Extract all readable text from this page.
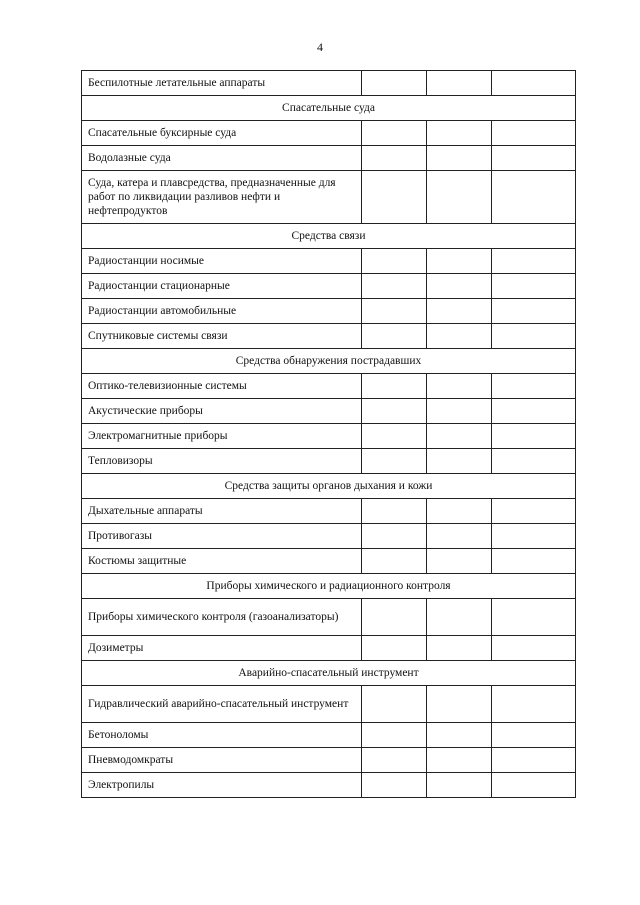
4
Беспилотные летательные аппараты			
Спасательные суда			
Спасательные буксирные суда			
Водолазные суда			
Суда, катера и плавсредства, предназначенные для работ по ликвидации разливов нефти и нефтепродуктов			
Средства связи			
Радиостанции носимые			
Радиостанции стационарные			
Радиостанции автомобильные			
Спутниковые системы связи			
Средства обнаружения пострадавших			
Оптико-телевизионные системы			
Акустические приборы			
Электромагнитные приборы			
Тепловизоры			
Средства защиты органов дыхания и кожи			
Дыхательные аппараты			
Противогазы			
Костюмы защитные			
Приборы химического и радиационного контроля			
Приборы химического контроля (газоанализаторы)			
Дозиметры			
Аварийно-спасательный инструмент			
Гидравлический аварийно-спасательный инструмент			
Бетоноломы			
Пневмодомкраты			
Электропилы			
